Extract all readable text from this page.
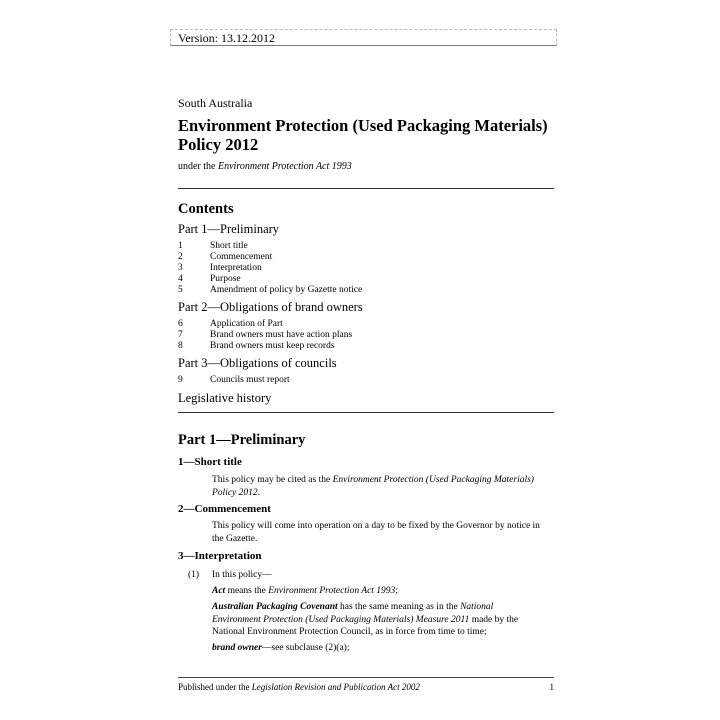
Version: 13.12.2012
South Australia
Environment Protection (Used Packaging Materials)
Policy 2012
under the Environment Protection Act 1993
Contents
Part 1—Preliminary
1	Short title
2	Commencement
3	Interpretation
4	Purpose
5	Amendment of policy by Gazette notice
Part 2—Obligations of brand owners
6	Application of Part
7	Brand owners must have action plans
8	Brand owners must keep records
Part 3—Obligations of councils
9	Councils must report
Legislative history
Part 1—Preliminary
1—Short title
This policy may be cited as the Environment Protection (Used Packaging Materials)
Policy 2012.
2—Commencement
This policy will come into operation on a day to be fixed by the Governor by notice in
the Gazette.
3—Interpretation
(1) In this policy—
Act means the Environment Protection Act 1993;
Australian Packaging Covenant has the same meaning as in the National
Environment Protection (Used Packaging Materials) Measure 2011 made by the
National Environment Protection Council, as in force from time to time;
brand owner—see subclause (2)(a);
Published under the Legislation Revision and Publication Act 2002	1
